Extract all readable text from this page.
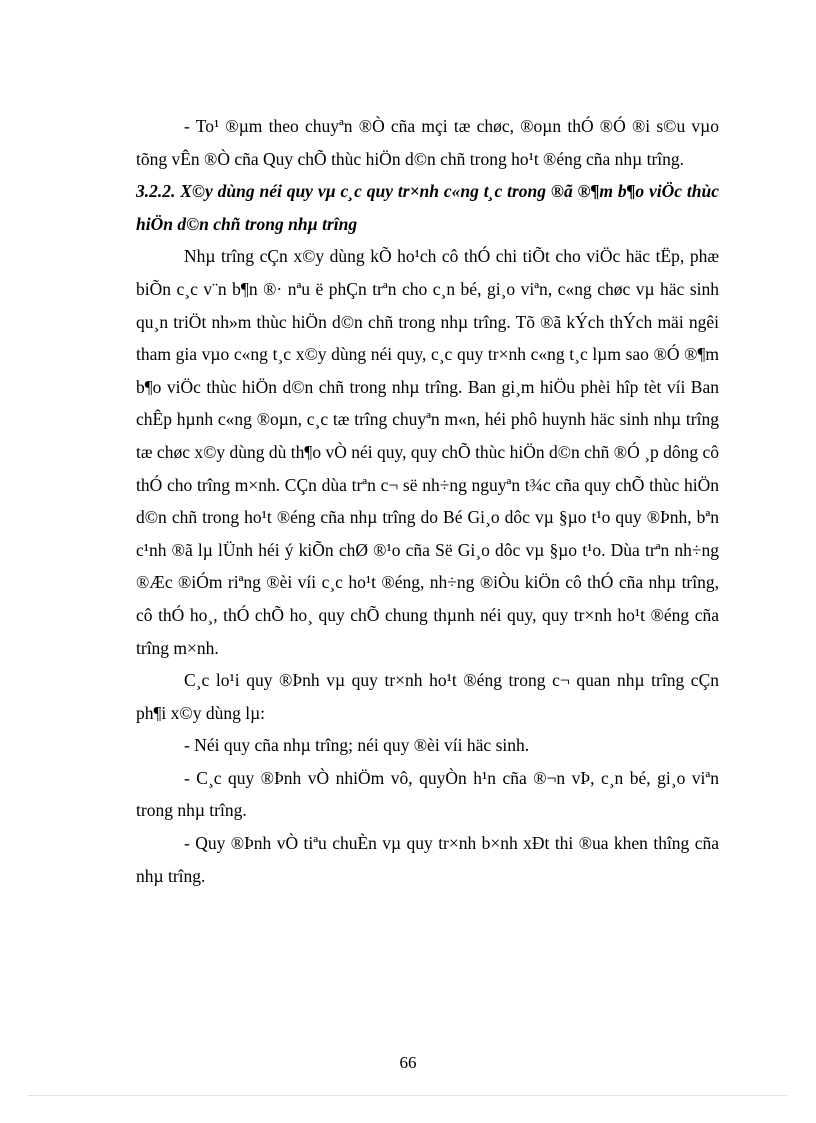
- To¹ ®µm theo chuyªn ®Ò cña mçi tæ chøc, ®oµn thÓ ®Ó ®i s©u vµo tõng vÊn ®Ò cña Quy chÕ thùc hiÖn d©n chñ trong ho¹t ®éng cña nhµ trîng.

3.2.2. X©y dùng néi quy vµ c¸c quy tr×nh c«ng t¸c trong ®ã ®¶m b¶o viÖc thùc hiÖn d©n chñ trong nhµ trîng

Nhµ trîng cÇn x©y dùng kÕ ho¹ch cô thÓ chi tiÕt cho viÖc häc tËp, phæ biÕn c¸c v¨n b¶n ®· nªu ë phÇn trªn cho c¸n bé, gi¸o viªn, c«ng chøc vµ häc sinh qu¸n triÖt nh»m thùc hiÖn d©n chñ trong nhµ trîng. Tõ ®ã kÝch thÝch mäi ngêi tham gia vµo c«ng t¸c x©y dùng néi quy, c¸c quy tr×nh c«ng t¸c lµm sao ®Ó ®¶m b¶o viÖc thùc hiÖn d©n chñ trong nhµ trîng. Ban gi¸m hiÖu phèi hîp tèt víi Ban chÊp hµnh c«ng ®oµn, c¸c tæ trîng chuyªn m«n, héi phô huynh häc sinh nhµ trîng tæ chøc x©y dùng dù th¶o vÒ néi quy, quy chÕ thùc hiÖn d©n chñ ®Ó ¸p dông cô thÓ cho trîng m×nh. CÇn dùa trªn c¬ së nh÷ng nguyªn t¾c cña quy chÕ thùc hiÖn d©n chñ trong ho¹t ®éng cña nhµ trîng do Bé Gi¸o dôc vµ §µo t¹o quy ®Þnh, bªn c¹nh ®ã lµ lÜnh héi ý kiÕn chØ ®¹o cña Së Gi¸o dôc vµ §µo t¹o. Dùa trªn nh÷ng ®Æc ®iÓm riªng ®èi víi c¸c ho¹t ®éng, nh÷ng ®iÒu kiÖn cô thÓ cña nhµ trîng, cô thÓ ho¸, thÓ chÕ ho¸ quy chÕ chung thµnh néi quy, quy tr×nh ho¹t ®éng cña trîng m×nh.

C¸c lo¹i quy ®Þnh vµ quy tr×nh ho¹t ®éng trong c¬ quan nhµ trîng cÇn ph¶i x©y dùng lµ:

- Néi quy cña nhµ trîng; néi quy ®èi víi häc sinh.

- C¸c quy ®Þnh vÒ nhiÖm vô, quyÒn h¹n cña ®¬n vÞ, c¸n bé, gi¸o viªn trong nhµ trîng.

- Quy ®Þnh vÒ tiªu chuÈn vµ quy tr×nh b×nh xÐt thi ®ua khen thîng cña nhµ trîng.

66
